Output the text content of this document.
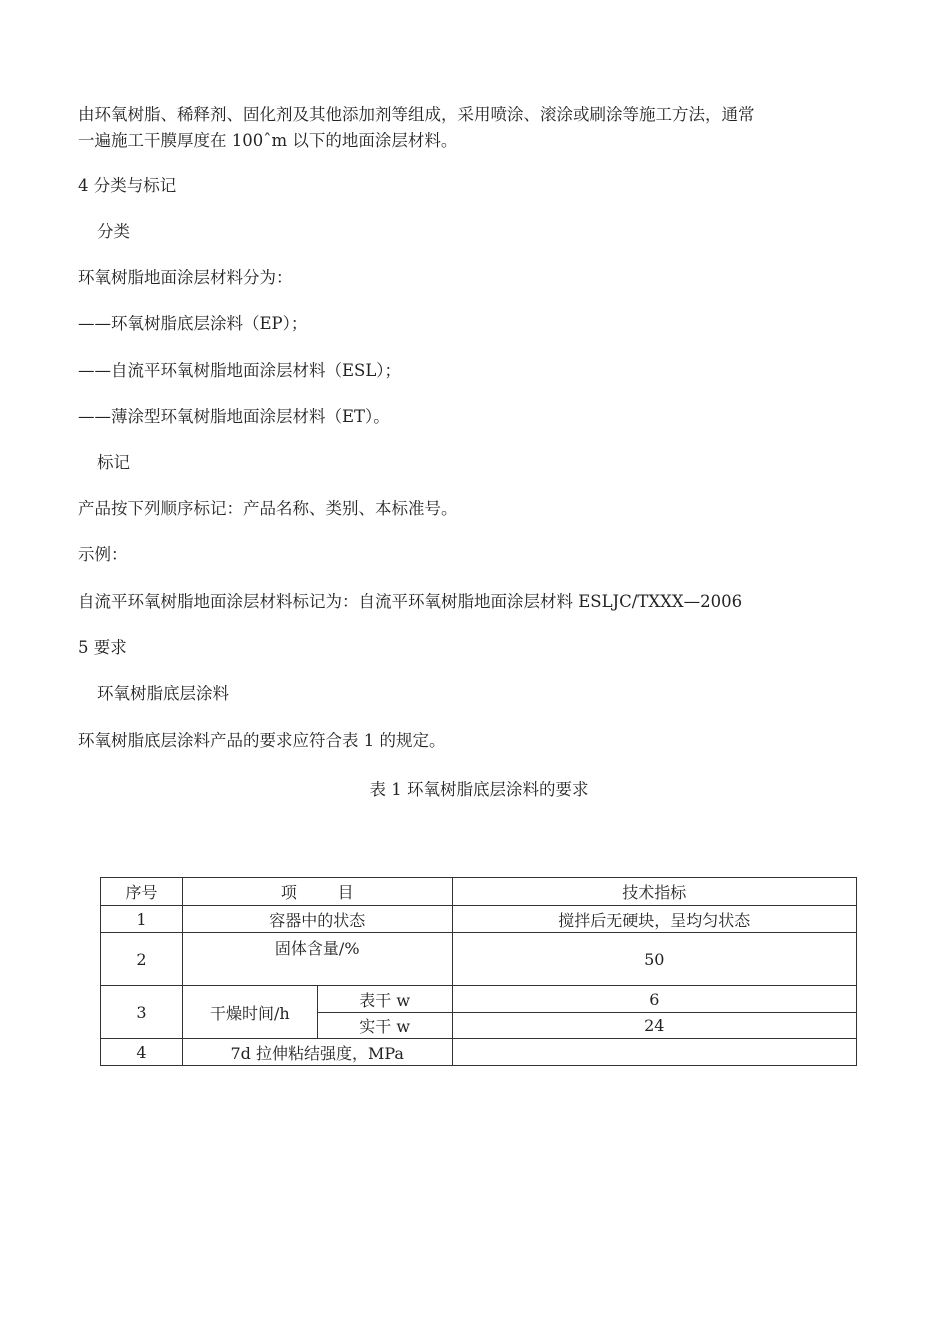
由环氧树脂、稀释剂、固化剂及其他添加剂等组成，采用喷涂、滚涂或刷涂等施工方法，通常
一遍施工干膜厚度在 100ˆm 以下的地面涂层材料。
4 分类与标记
分类
环氧树脂地面涂层材料分为：
——环氧树脂底层涂料（EP）；
——自流平环氧树脂地面涂层材料（ESL）；
——薄涂型环氧树脂地面涂层材料（ET）。
标记
产品按下列顺序标记：产品名称、类别、本标准号。
示例：
自流平环氧树脂地面涂层材料标记为：自流平环氧树脂地面涂层材料 ESLJC/TXXX—2006
5 要求
环氧树脂底层涂料
环氧树脂底层涂料产品的要求应符合表 1 的规定。
表 1 环氧树脂底层涂料的要求
序号	项        目		技术指标
1	容器中的状态		搅拌后无硬块，呈均匀状态
2	固体含量/%		50
3	干燥时间/h	表干 w	6
		实干 w	24
4	7d 拉伸粘结强度，MPa		
